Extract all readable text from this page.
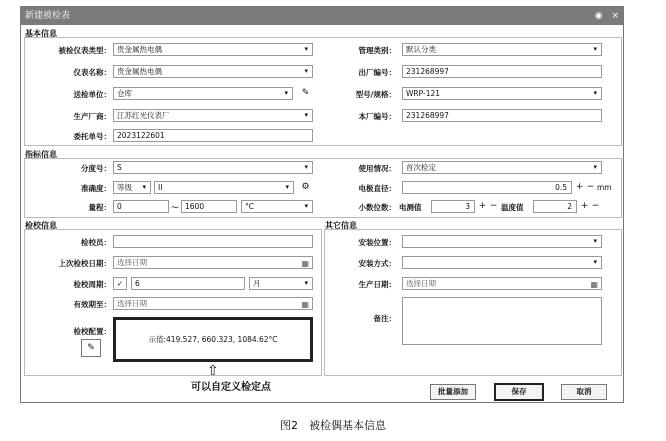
新建被检表	◉ ×
基本信息
被检仪表类型： 贵金属热电偶 ▾
仪表名称： 贵金属热电偶 ▾
送检单位： 仓库 ▾	✎
生产厂商： 江苏红光仪表厂 ▾
委托单号： 2023122601
管理类别：	默认分类 ▾
出厂编号：	231268997
型号/规格：	WRP-121 ▾
本厂编号：	231268997
指标信息
分度号： S ▾
准确度： 等级 ▾	II ▾	⚙
量程： 0	～ 1600	°C ▾
使用情况：	首次检定 ▾
电极直径：	0.5 + − mm
小数位数： 电测值	3 + − 温度值	2 + −
检校信息
检校员：
上次检校日期： 选择日期	▦
检校周期： ✓	6	月 ▾
有效期至： 选择日期	▦
检校配置：
✎
示值:419.527, 660.323, 1084.62°C
⇧
可以自定义检定点
其它信息
安装位置：
▾
安装方式：
▾
生产日期：	选择日期	▦
备注：
批量添加	保存	取消
图2　被检偶基本信息
